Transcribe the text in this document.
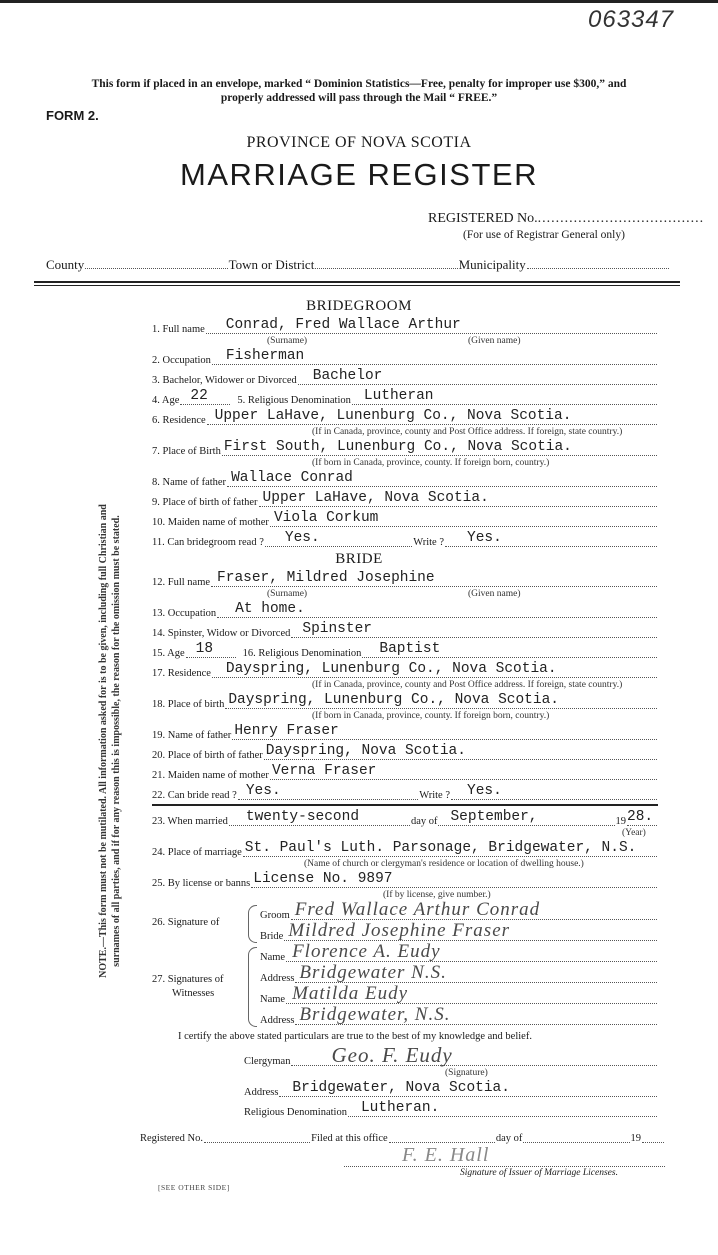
063347
This form if placed in an envelope, marked “ Dominion Statistics—Free, penalty for improper use $300,” and
properly addressed will pass through the Mail “ FREE.”
FORM 2.
PROVINCE OF NOVA SCOTIA
MARRIAGE REGISTER
REGISTERED No......................................
(For use of Registrar General only)
County	Town or District	Municipality
NOTE.—This form must not be mutilated. All information asked for is to be given, including full Christian and surnames of all parties, and if for any reason this is impossible, the reason for the omission must be stated.
BRIDEGROOM
1. Full name	Conrad, Fred Wallace Arthur
(Surname)	(Given name)
2. Occupation	Fisherman
3. Bachelor, Widower or Divorced	Bachelor
4. Age 22	5. Religious Denomination Lutheran
6. Residence Upper LaHave, Lunenburg Co., Nova Scotia.
(If in Canada, province, county and Post Office address. If foreign, state country.)
7. Place of Birth First South, Lunenburg Co., Nova Scotia.
(If born in Canada, province, county. If foreign born, country.)
8. Name of father Wallace Conrad
9. Place of birth of father Upper LaHave, Nova Scotia.
10. Maiden name of mother Viola Corkum
11. Can bridegroom read ?	Yes.	Write ?	Yes.
BRIDE
12. Full name Fraser, Mildred Josephine
(Surname)	(Given name)
13. Occupation	At home.
14. Spinster, Widow or Divorced Spinster
15. Age 18	16. Religious Denomination	Baptist
17. Residence	Dayspring, Lunenburg Co., Nova Scotia.
(If in Canada, province, county and Post Office address. If foreign, state country.)
18. Place of birth Dayspring, Lunenburg Co., Nova Scotia.
(If born in Canada, province, county. If foreign born, country.)
19. Name of father Henry Fraser
20. Place of birth of father Dayspring, Nova Scotia.
21. Maiden name of mother Verna Fraser
22. Can bride read ? Yes.	Write ?	Yes.
23. When married	twenty-second	day of September,	19 28.
(Year)
24. Place of marriage St. Paul's Luth. Parsonage, Bridgewater, N.S.
(Name of church or clergyman's residence or location of dwelling house.)
25. By license or banns License No. 9897
(If by license, give number.)
26. Signature of
Groom Fred Wallace Arthur Conrad
Bride Mildred Josephine Fraser
27. Signatures of
Witnesses
Name Florence A. Eudy
Address Bridgewater N.S.
Name Matilda Eudy
Address Bridgewater, N.S.
I certify the above stated particulars are true to the best of my knowledge and belief.
Clergyman	Geo. F. Eudy
(Signature)
Address Bridgewater, Nova Scotia.
Religious Denomination Lutheran.
Registered No.	Filed at this office	day of	19
F. E. Hall
Signature of Issuer of Marriage Licenses.
[SEE OTHER SIDE]
